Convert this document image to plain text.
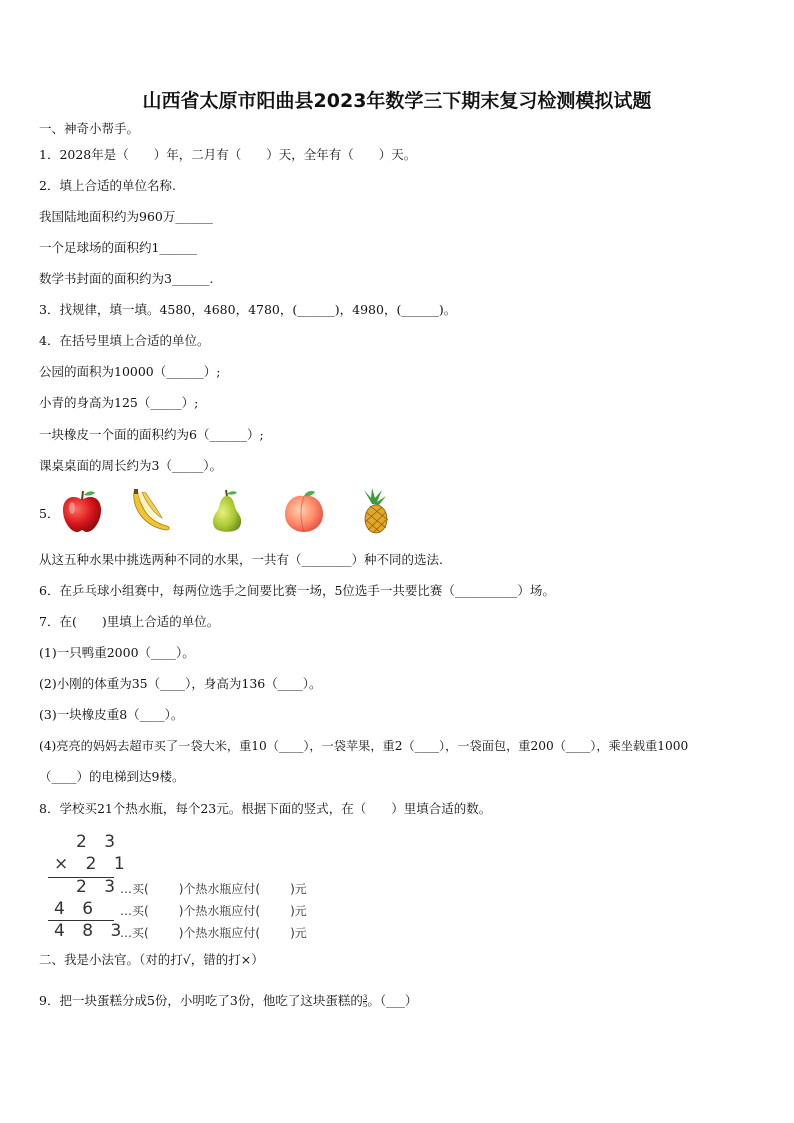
山西省太原市阳曲县2023年数学三下期末复习检测模拟试题
一、神奇小帮手。
1．2028年是（　　）年，二月有（　　）天，全年有（　　）天。
2．填上合适的单位名称.
我国陆地面积约为960万______
一个足球场的面积约1______
数学书封面的面积约为3______.
3．找规律，填一填。4580，4680，4780，(______)，4980，(______)。
4．在括号里填上合适的单位。
公园的面积为10000（______）;
小青的身高为125（_____）;
一块橡皮一个面的面积约为6（______）;
课桌桌面的周长约为3（_____）。
5．
从这五种水果中挑选两种不同的水果，一共有（________）种不同的选法.
6．在乒乓球小组赛中，每两位选手之间要比赛一场，5位选手一共要比赛（__________）场。
7．在(　　)里填上合适的单位。
(1)一只鸭重2000（____）。
(2)小刚的体重为35（____），身高为136（____）。
(3)一块橡皮重8（____）。
(4)亮亮的妈妈去超市买了一袋大米，重10（____），一袋苹果，重2（____），一袋面包，重200（____），乘坐载重1000
（____）的电梯到达9楼。
8．学校买21个热水瓶，每个23元。根据下面的竖式，在（　　）里填合适的数。
2 3
× 2 1
2 3
…买(	)个热水瓶应付(	)元
4 6 …买(	)个热水瓶应付(	)元
4 8 3
…买(	)个热水瓶应付(	)元
二、我是小法官。（对的打√，错的打×）
9．把一块蛋糕分成5份，小明吃了3份，他吃了这块蛋糕的$\frac{3}{5}$ 。（___）
